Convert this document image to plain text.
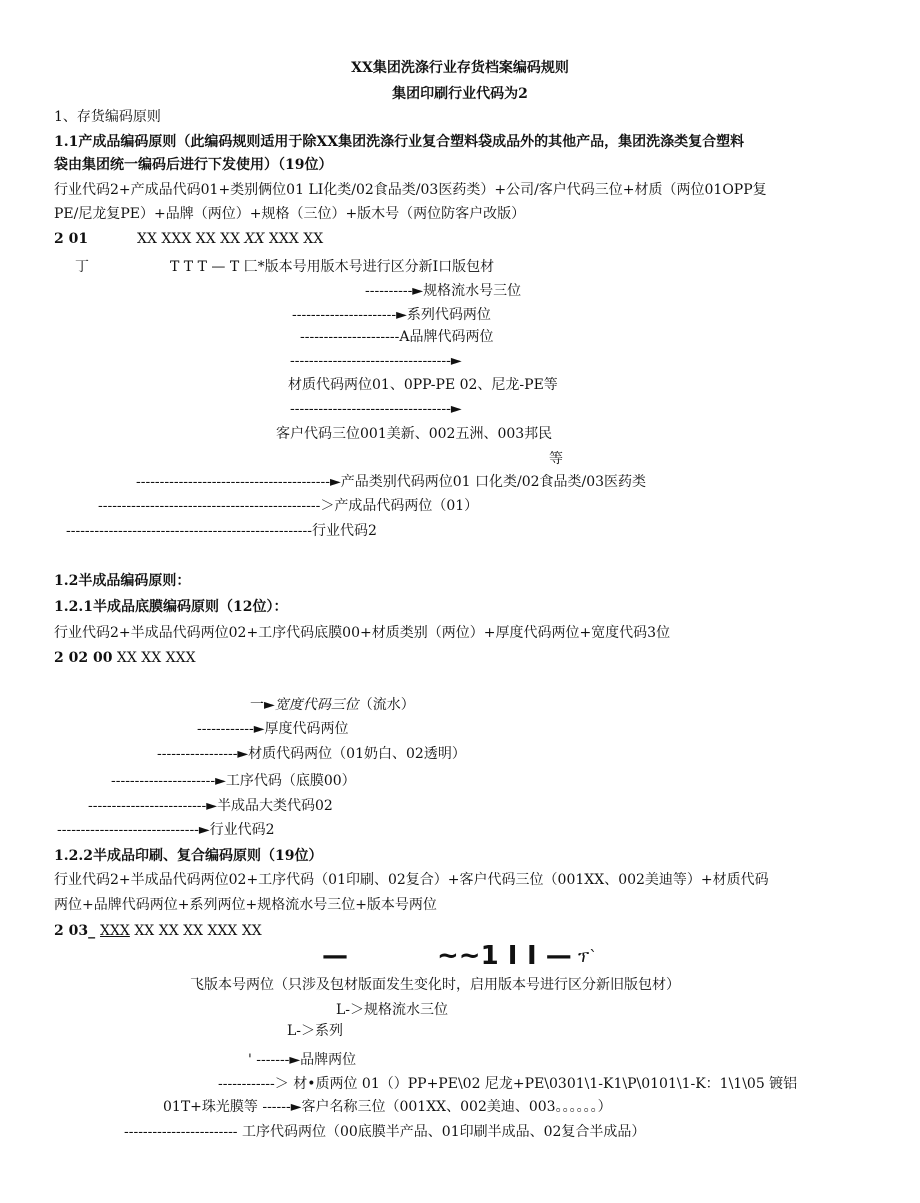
XX集团洗涤行业存货档案编码规则
集团印刷行业代码为2
1、存货编码原则
1.1产成品编码原则（此编码规则适用于除XX集团洗涤行业复合塑料袋成品外的其他产品，集团洗涤类复合塑料
袋由集团统一编码后进行下发使用）（19位）
行业代码2+产成品代码01+类别俩位01 LI化类/02食品类/03医药类）+公司/客户代码三位+材质（两位01OPP复
PE/尼龙复PE）+品牌（两位）+规格（三位）+版木号（两位防客户改版）
2 01	XX XXX XX XX XX XXX XX
丁	T T T — T 匚*版本号用版木号进行区分新I口版包材
----------►规格流水号三位
----------------------►系列代码两位
---------------------A品牌代码两位
----------------------------------►
材质代码两位01、0PP-PE 02、尼龙-PE等
----------------------------------►
客户代码三位001美新、002五洲、003邦民
等
-----------------------------------------►产品类别代码两位01 口化类/02食品类/03医药类
-----------------------------------------------＞产成品代码两位（01）
----------------------------------------------------行业代码2
1.2半成品编码原则：
1.2.1半成品底膜编码原则（12位）：
行业代码2+半成品代码两位02+工序代码底膜00+材质类别（两位）+厚度代码两位+宽度代码3位
2 02 00 XX XX XXX
一►宽度代码三位（流水）
------------►厚度代码两位
-----------------►材质代码两位（01奶白、02透明）
----------------------►工序代码（底膜00）
-------------------------►半成品大类代码02
------------------------------►行业代码2
1.2.2半成品印刷、复合编码原则（19位）
行业代码2+半成品代码两位02+工序代码（01印刷、02复合）+客户代码三位（001XX、002美迪等）+材质代码
两位+品牌代码两位+系列两位+规格流水号三位+版本号两位
2 03_ XXX XX XX XX XXX XX
—	~~1 I I — ፕ`
飞版本号两位（只涉及包材版面发生变化时，启用版本号进行区分新旧版包材）
L-＞规格流水三位
L-＞系列
' -------►品牌两位
------------＞ 材•质两位 01（）PP+PE\02 尼龙+PE\0301\1-K1\P\0101\1-K：1\1\05 镀铝
01T+珠光膜等 ------►客户名称三位（001XX、002美迪、003。。。。。。）
------------------------ 工序代码两位（00底膜半产品、01印刷半成品、02复合半成品）
